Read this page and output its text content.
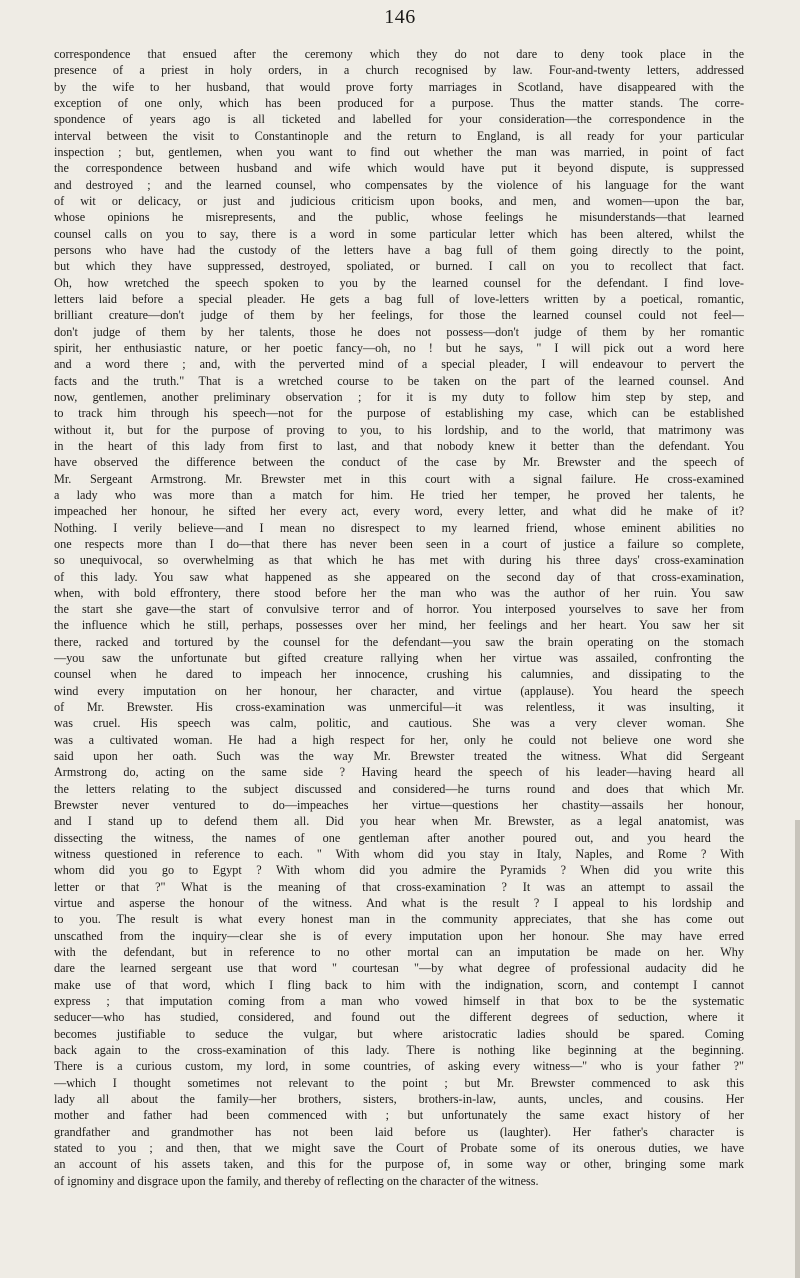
146
correspondence that ensued after the ceremony which they do not dare to deny took place in the
presence of a priest in holy orders, in a church recognised by law. Four-and-twenty letters, addressed
by the wife to her husband, that would prove forty marriages in Scotland, have disappeared with the
exception of one only, which has been produced for a purpose. Thus the matter stands. The corre-
spondence of years ago is all ticketed and labelled for your consideration—the correspondence in the
interval between the visit to Constantinople and the return to England, is all ready for your particular
inspection ; but, gentlemen, when you want to find out whether the man was married, in point of fact
the correspondence between husband and wife which would have put it beyond dispute, is suppressed
and destroyed ; and the learned counsel, who compensates by the violence of his language for the want
of wit or delicacy, or just and judicious criticism upon books, and men, and women—upon the bar,
whose opinions he misrepresents, and the public, whose feelings he misunderstands—that learned
counsel calls on you to say, there is a word in some particular letter which has been altered, whilst the
persons who have had the custody of the letters have a bag full of them going directly to the point,
but which they have suppressed, destroyed, spoliated, or burned. I call on you to recollect that fact.
Oh, how wretched the speech spoken to you by the learned counsel for the defendant. I find love-
letters laid before a special pleader. He gets a bag full of love-letters written by a poetical, romantic,
brilliant creature—don't judge of them by her feelings, for those the learned counsel could not feel—
don't judge of them by her talents, those he does not possess—don't judge of them by her romantic
spirit, her enthusiastic nature, or her poetic fancy—oh, no ! but he says, " I will pick out a word here
and a word there ; and, with the perverted mind of a special pleader, I will endeavour to pervert the
facts and the truth." That is a wretched course to be taken on the part of the learned counsel. And
now, gentlemen, another preliminary observation ; for it is my duty to follow him step by step, and
to track him through his speech—not for the purpose of establishing my case, which can be established
without it, but for the purpose of proving to you, to his lordship, and to the world, that matrimony was
in the heart of this lady from first to last, and that nobody knew it better than the defendant. You
have observed the difference between the conduct of the case by Mr. Brewster and the speech of
Mr. Sergeant Armstrong. Mr. Brewster met in this court with a signal failure. He cross-examined
a lady who was more than a match for him. He tried her temper, he proved her talents, he
impeached her honour, he sifted her every act, every word, every letter, and what did he make of it?
Nothing. I verily believe—and I mean no disrespect to my learned friend, whose eminent abilities no
one respects more than I do—that there has never been seen in a court of justice a failure so complete,
so unequivocal, so overwhelming as that which he has met with during his three days' cross-examination
of this lady. You saw what happened as she appeared on the second day of that cross-examination,
when, with bold effrontery, there stood before her the man who was the author of her ruin. You saw
the start she gave—the start of convulsive terror and of horror. You interposed yourselves to save her from
the influence which he still, perhaps, possesses over her mind, her feelings and her heart. You saw her sit
there, racked and tortured by the counsel for the defendant—you saw the brain operating on the stomach
—you saw the unfortunate but gifted creature rallying when her virtue was assailed, confronting the
counsel when he dared to impeach her innocence, crushing his calumnies, and dissipating to the
wind every imputation on her honour, her character, and virtue (applause). You heard the speech
of Mr. Brewster. His cross-examination was unmerciful—it was relentless, it was insulting, it
was cruel. His speech was calm, politic, and cautious. She was a very clever woman. She
was a cultivated woman. He had a high respect for her, only he could not believe one word she
said upon her oath. Such was the way Mr. Brewster treated the witness. What did Sergeant
Armstrong do, acting on the same side ? Having heard the speech of his leader—having heard all
the letters relating to the subject discussed and considered—he turns round and does that which Mr.
Brewster never ventured to do—impeaches her virtue—questions her chastity—assails her honour,
and I stand up to defend them all. Did you hear when Mr. Brewster, as a legal anatomist, was
dissecting the witness, the names of one gentleman after another poured out, and you heard the
witness questioned in reference to each. " With whom did you stay in Italy, Naples, and Rome ? With
whom did you go to Egypt ? With whom did you admire the Pyramids ? When did you write this
letter or that ?" What is the meaning of that cross-examination ? It was an attempt to assail the
virtue and asperse the honour of the witness. And what is the result ? I appeal to his lordship and
to you. The result is what every honest man in the community appreciates, that she has come out
unscathed from the inquiry—clear she is of every imputation upon her honour. She may have erred
with the defendant, but in reference to no other mortal can an imputation be made on her. Why
dare the learned sergeant use that word " courtesan "—by what degree of professional audacity did he
make use of that word, which I fling back to him with the indignation, scorn, and contempt I cannot
express ; that imputation coming from a man who vowed himself in that box to be the systematic
seducer—who has studied, considered, and found out the different degrees of seduction, where it
becomes justifiable to seduce the vulgar, but where aristocratic ladies should be spared. Coming
back again to the cross-examination of this lady. There is nothing like beginning at the beginning.
There is a curious custom, my lord, in some countries, of asking every witness—" who is your father ?"
—which I thought sometimes not relevant to the point ; but Mr. Brewster commenced to ask this
lady all about the family—her brothers, sisters, brothers-in-law, aunts, uncles, and cousins. Her
mother and father had been commenced with ; but unfortunately the same exact history of her
grandfather and grandmother has not been laid before us (laughter). Her father's character is
stated to you ; and then, that we might save the Court of Probate some of its onerous duties, we have
an account of his assets taken, and this for the purpose of, in some way or other, bringing some mark
of ignominy and disgrace upon the family, and thereby of reflecting on the character of the witness.
